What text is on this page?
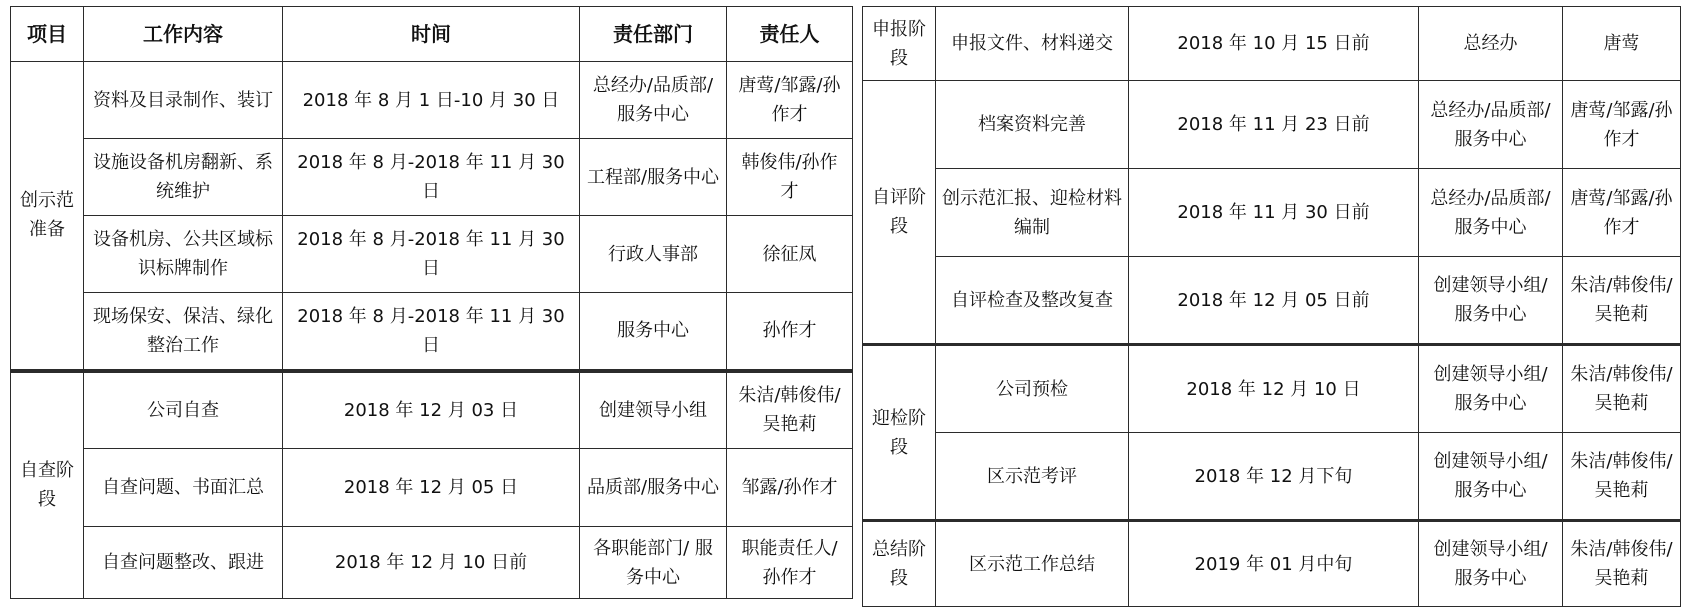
项目	工作内容	时间	责任部门	责任人
创示范准备	资料及目录制作、装订	2018 年 8 月 1 日-10 月 30 日	总经办/品质部/服务中心	唐莺/邹露/孙作才
	设施设备机房翻新、系统维护	2018 年 8 月-2018 年 11 月 30 日	工程部/服务中心	韩俊伟/孙作才
	设备机房、公共区域标识标牌制作	2018 年 8 月-2018 年 11 月 30 日	行政人事部	徐征凤
	现场保安、保洁、绿化整治工作	2018 年 8 月-2018 年 11 月 30 日	服务中心	孙作才
自查阶段	公司自查	2018 年 12 月 03 日	创建领导小组	朱洁/韩俊伟/吴艳莉
	自查问题、书面汇总	2018 年 12 月 05 日	品质部/服务中心	邹露/孙作才
	自查问题整改、跟进	2018 年 12 月 10 日前	各职能部门/ 服务中心	职能责任人/孙作才
申报阶段	申报文件、材料递交	2018 年 10 月 15 日前	总经办	唐莺
自评阶段	档案资料完善	2018 年 11 月 23 日前	总经办/品质部/服务中心	唐莺/邹露/孙作才
	创示范汇报、迎检材料编制	2018 年 11 月 30 日前	总经办/品质部/服务中心	唐莺/邹露/孙作才
	自评检查及整改复查	2018 年 12 月 05 日前	创建领导小组/服务中心	朱洁/韩俊伟/吴艳莉
迎检阶段	公司预检	2018 年 12 月 10 日	创建领导小组/服务中心	朱洁/韩俊伟/吴艳莉
	区示范考评	2018 年 12 月下旬	创建领导小组/服务中心	朱洁/韩俊伟/吴艳莉
总结阶段	区示范工作总结	2019 年 01 月中旬	创建领导小组/服务中心	朱洁/韩俊伟/吴艳莉
